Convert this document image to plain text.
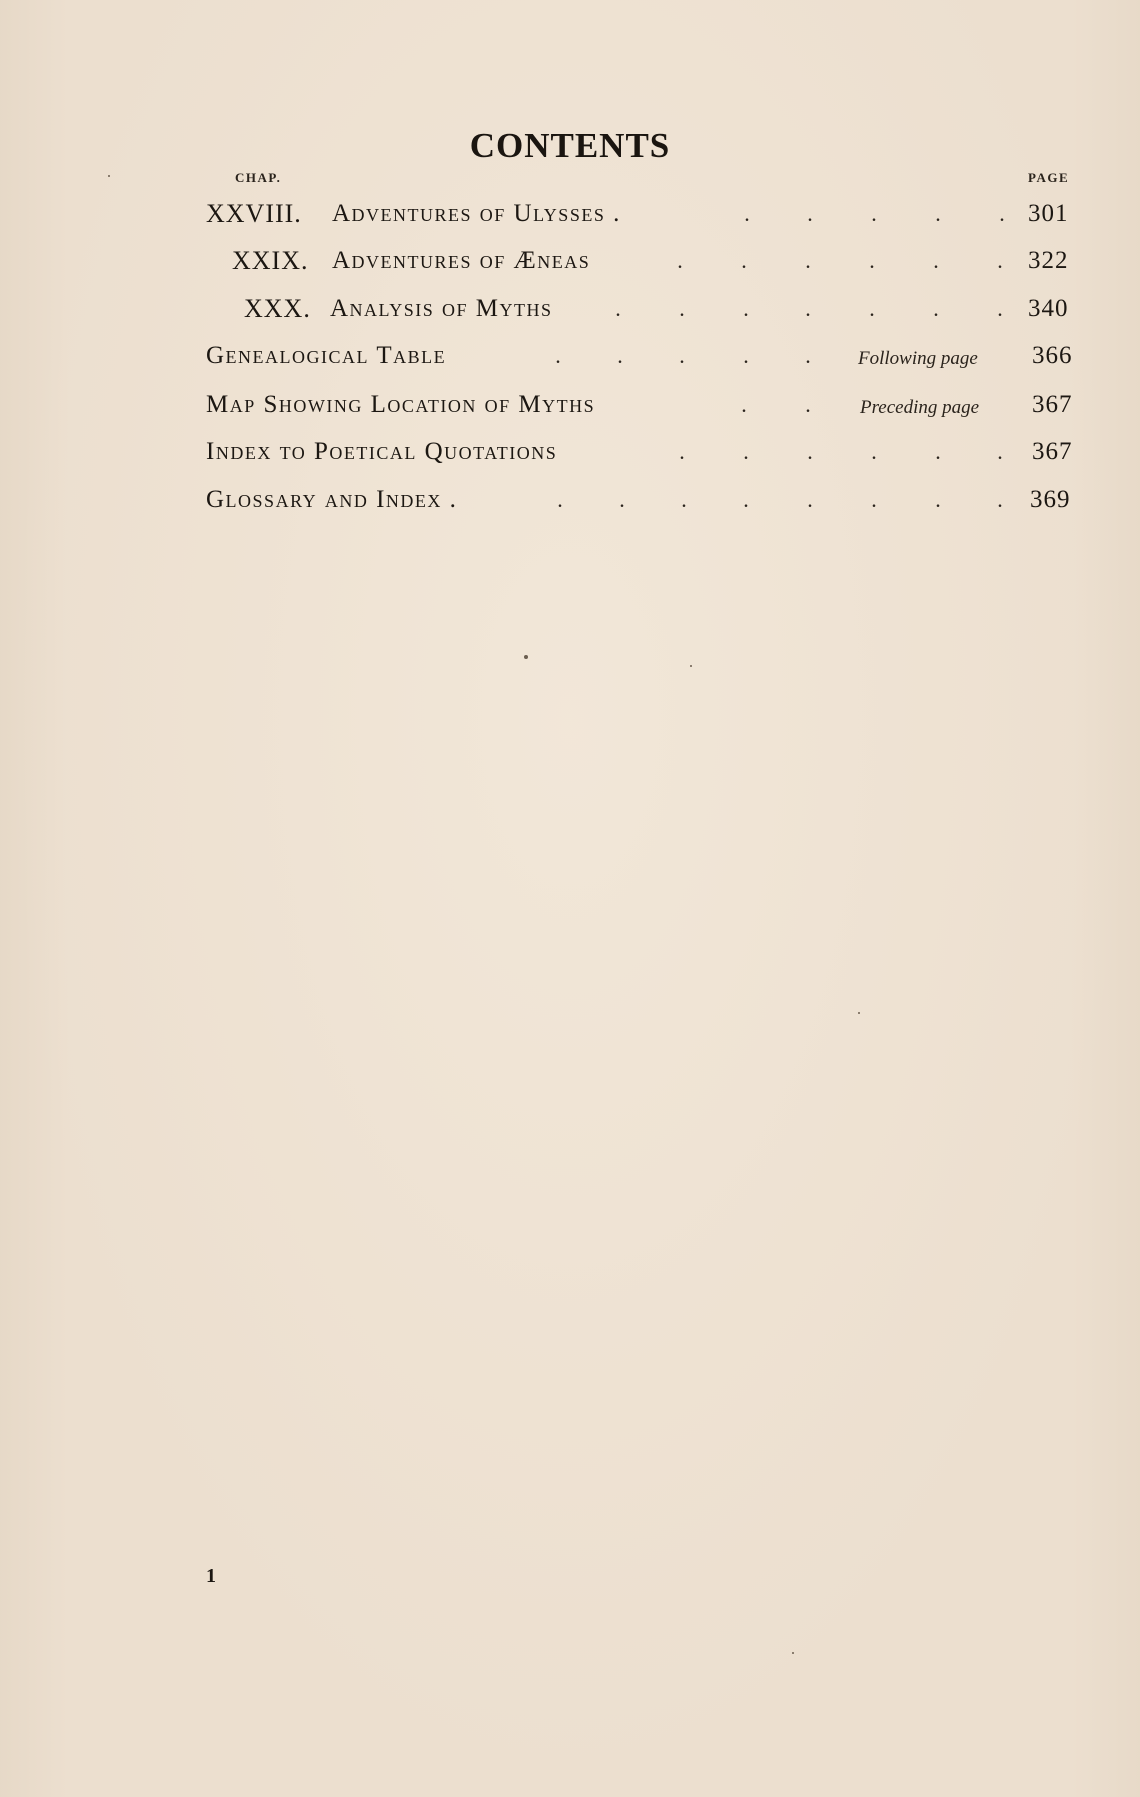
CONTENTS
CHAP.	PAGE
XXVIII. Adventures of Ulysses .	.	.	.	.	. 301
XXIX. Adventures of Æneas	.	.	.	.	.	. 322
XXX. Analysis of Myths	.	.	.	.	.	.	. 340
Genealogical Table	.	.	.	.	.	Following page 366
Map Showing Location of Myths	.	.	Preceding page 367
Index to Poetical Quotations	.	.	.	.	.	. 367
Glossary and Index .	.	.	.	.	.	.	.	. 369
1
